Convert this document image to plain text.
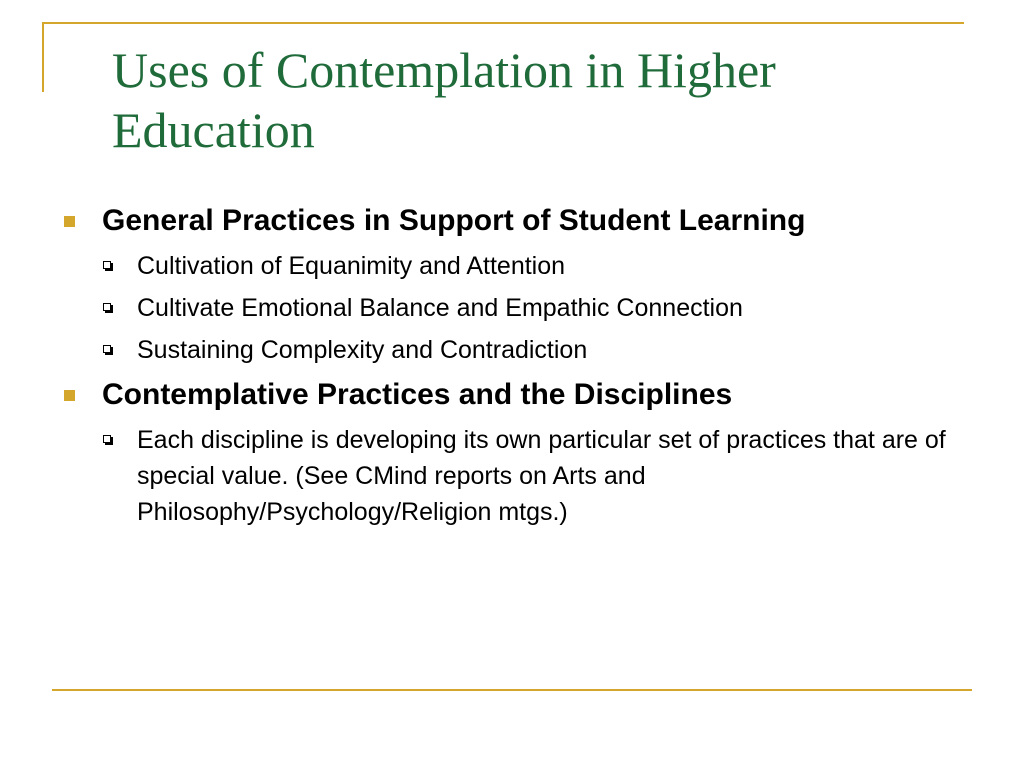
Uses of Contemplation in Higher Education
General Practices in Support of Student Learning
Cultivation of Equanimity and Attention
Cultivate Emotional Balance and Empathic Connection
Sustaining Complexity and Contradiction
Contemplative Practices and the Disciplines
Each discipline is developing its own particular set of practices that are of special value. (See CMind reports on Arts and Philosophy/Psychology/Religion mtgs.)
